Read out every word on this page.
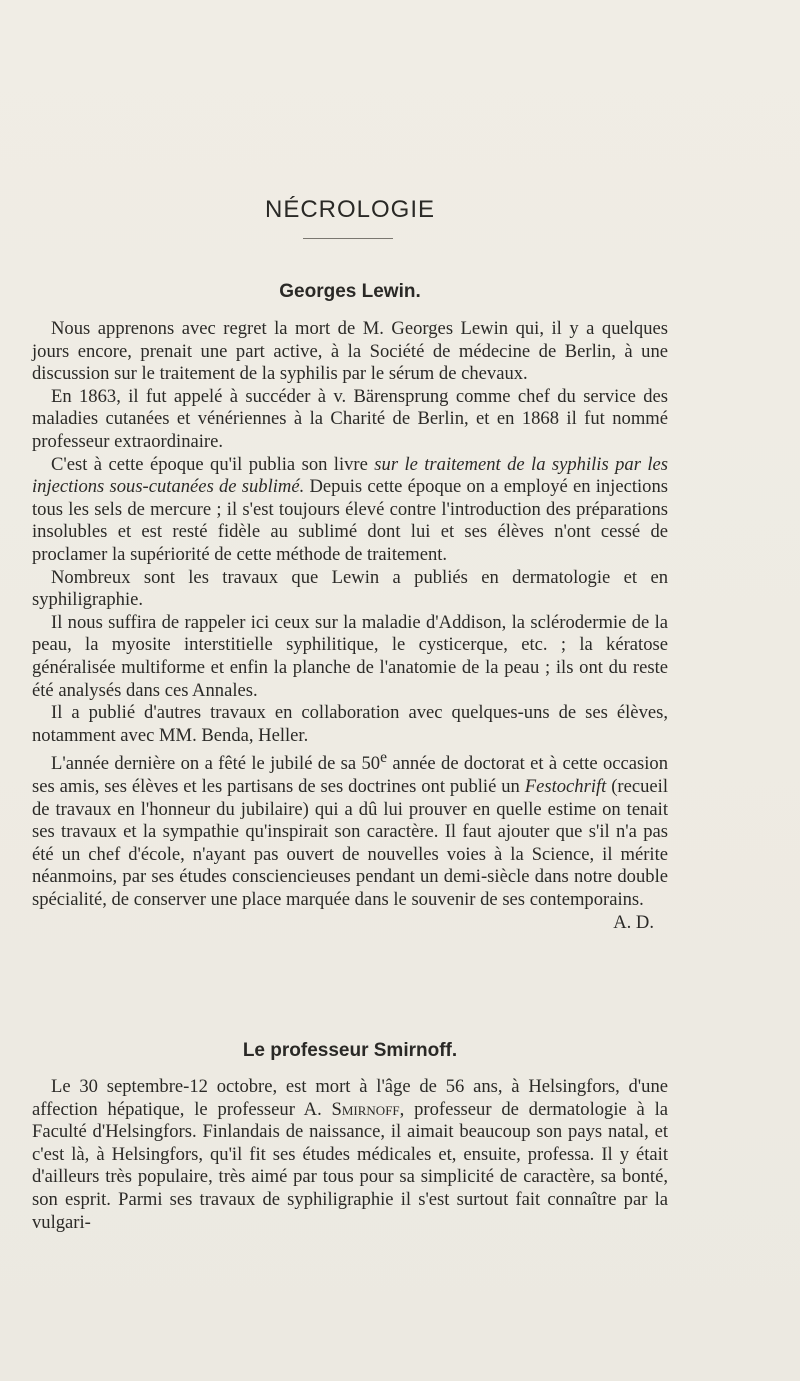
NÉCROLOGIE
Georges Lewin.

Nous apprenons avec regret la mort de M. Georges Lewin qui, il y a quelques jours encore, prenait une part active, à la Société de médecine de Berlin, à une discussion sur le traitement de la syphilis par le sérum de chevaux.

En 1863, il fut appelé à succéder à v. Bärensprung comme chef du service des maladies cutanées et vénériennes à la Charité de Berlin, et en 1868 il fut nommé professeur extraordinaire.

C'est à cette époque qu'il publia son livre sur le traitement de la syphilis par les injections sous-cutanées de sublimé. Depuis cette époque on a employé en injections tous les sels de mercure ; il s'est toujours élevé contre l'introduction des préparations insolubles et est resté fidèle au sublimé dont lui et ses élèves n'ont cessé de proclamer la supériorité de cette méthode de traitement.

Nombreux sont les travaux que Lewin a publiés en dermatologie et en syphiligraphie.

Il nous suffira de rappeler ici ceux sur la maladie d'Addison, la sclérodermie de la peau, la myosite interstitielle syphilitique, le cysticerque, etc. ; la kératose généralisée multiforme et enfin la planche de l'anatomie de la peau ; ils ont du reste été analysés dans ces Annales.

Il a publié d'autres travaux en collaboration avec quelques-uns de ses élèves, notamment avec MM. Benda, Heller.

L'année dernière on a fêté le jubilé de sa 50e année de doctorat et à cette occasion ses amis, ses élèves et les partisans de ses doctrines ont publié un Festochrift (recueil de travaux en l'honneur du jubilaire) qui a dû lui prouver en quelle estime on tenait ses travaux et la sympathie qu'inspirait son caractère. Il faut ajouter que s'il n'a pas été un chef d'école, n'ayant pas ouvert de nouvelles voies à la Science, il mérite néanmoins, par ses études consciencieuses pendant un demi-siècle dans notre double spécialité, de conserver une place marquée dans le souvenir de ses contemporains.
A. D.

Le professeur Smirnoff.

Le 30 septembre-12 octobre, est mort à l'âge de 56 ans, à Helsingfors, d'une affection hépatique, le professeur A. Smirnoff, professeur de dermatologie à la Faculté d'Helsingfors. Finlandais de naissance, il aimait beaucoup son pays natal, et c'est là, à Helsingfors, qu'il fit ses études médicales et, ensuite, professa. Il y était d'ailleurs très populaire, très aimé par tous pour sa simplicité de caractère, sa bonté, son esprit. Parmi ses travaux de syphiligraphie il s'est surtout fait connaître par la vulgari-
